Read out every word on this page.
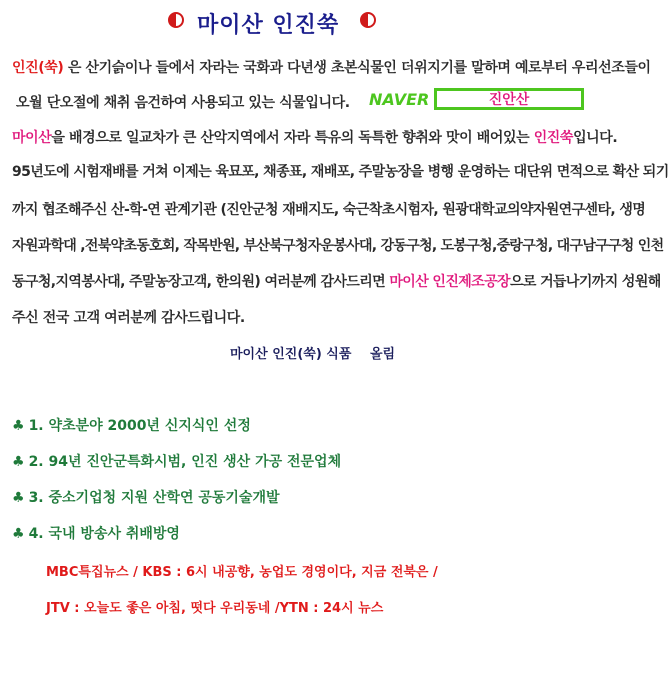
마이산 인진쑥
인진(쑥) 은 산기슭이나 들에서 자라는 국화과 다년생 초본식물인 더위지기를 말하며 예로부터 우리선조들이
오월 단오절에 채취 음건하여 사용되고 있는 식물입니다. NAVER	진안산
마이산을 배경으로 일교차가 큰 산악지역에서 자라 특유의 독특한 향취와 맛이 배어있는 인진쑥입니다.
95년도에 시험재배를 거쳐 이제는 육묘포, 채종표, 재배포, 주말농장을 병행 운영하는 대단위 면적으로 확산 되기
까지 협조해주신 산-학-연 관계기관 (진안군청 재배지도, 숙근착초시험자, 원광대학교의약자원연구센타, 생명
자원과학대 ,전북약초동호회, 작목반원, 부산북구청자운봉사대, 강동구청, 도봉구청,중랑구청, 대구남구구청 인천
동구청,지역봉사대, 주말농장고객, 한의원) 여러분께 감사드리면 마이산 인진제조공장으로 거듭나기까지 성원해
주신 전국 고객 여러분께 감사드립니다.
마이산 인진(쑥) 식품 올림
♣ 1. 약초분야 2000년 신지식인 선정
♣ 2. 94년 진안군특화시범, 인진 생산 가공 전문업체
♣ 3. 중소기업청 지원 산학연 공동기술개발
♣ 4. 국내 방송사 취배방영
MBC특집뉴스 / KBS : 6시 내공향, 농업도 경영이다, 지금 전북은 /
JTV : 오늘도 좋은 아침, 떳다 우리동네 /YTN : 24시 뉴스
